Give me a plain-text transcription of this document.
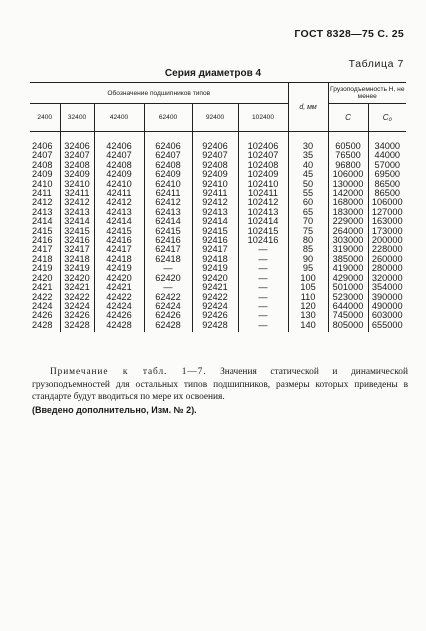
ГОСТ 8328—75 С. 25
Таблица 7
Серия диаметров 4
Обозначение подшипников типов						d, мм	Грузоподъемность Н, не менее	
2400	32400	42400	62400	92400	102400		C	C₀

2406	32406	42406	62406	92406	102406	30	60500	34000
2407	32407	42407	62407	92407	102407	35	76500	44000
2408	32408	42408	62408	92408	102408	40	96800	57000
2409	32409	42409	62409	92409	102409	45	106000	69500
2410	32410	42410	62410	92410	102410	50	130000	86500
2411	32411	42411	62411	92411	102411	55	142000	86500
2412	32412	42412	62412	92412	102412	60	168000	106000
2413	32413	42413	62413	92413	102413	65	183000	127000
2414	32414	42414	62414	92414	102414	70	229000	163000
2415	32415	42415	62415	92415	102415	75	264000	173000
2416	32416	42416	62416	92416	102416	80	303000	200000
2417	32417	42417	62417	92417	—	85	319000	228000
2418	32418	42418	62418	92418	—	90	385000	260000
2419	32419	42419	—	92419	—	95	419000	280000
2420	32420	42420	62420	92420	—	100	429000	320000
2421	32421	42421	—	92421	—	105	501000	354000
2422	32422	42422	62422	92422	—	110	523000	390000
2424	32424	42424	62424	92424	—	120	644000	490000
2426	32426	42426	62426	92426	—	130	745000	603000
2428	32428	42428	62428	92428	—	140	805000	655000

Примечание к табл. 1—7. Значения статической и динамической грузоподъемностей для остальных типов подшипников, размеры которых приведены в стандарте будут вводиться по мере их освоения.

(Введено дополнительно, Изм. № 2).
